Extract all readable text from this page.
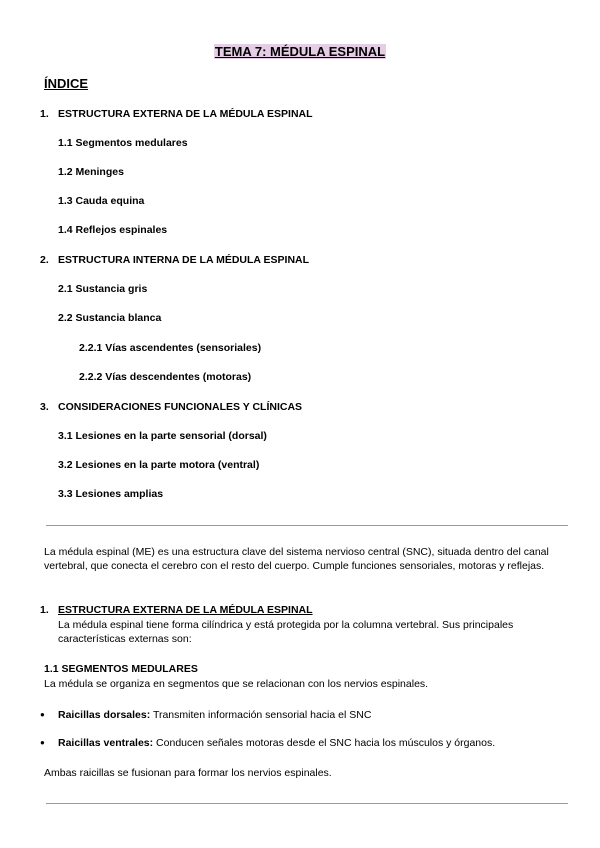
TEMA 7: MÉDULA ESPINAL
ÍNDICE
1. ESTRUCTURA EXTERNA DE LA MÉDULA ESPINAL
1.1 Segmentos medulares
1.2 Meninges
1.3 Cauda equina
1.4 Reflejos espinales
2. ESTRUCTURA INTERNA DE LA MÉDULA ESPINAL
2.1 Sustancia gris
2.2 Sustancia blanca
2.2.1 Vías ascendentes (sensoriales)
2.2.2 Vías descendentes (motoras)
3. CONSIDERACIONES FUNCIONALES Y CLÍNICAS
3.1 Lesiones en la parte sensorial (dorsal)
3.2 Lesiones en la parte motora (ventral)
3.3 Lesiones amplias
La médula espinal (ME) es una estructura clave del sistema nervioso central (SNC), situada dentro del canal vertebral, que conecta el cerebro con el resto del cuerpo. Cumple funciones sensoriales, motoras y reflejas.
1. ESTRUCTURA EXTERNA DE LA MÉDULA ESPINAL
La médula espinal tiene forma cilíndrica y está protegida por la columna vertebral. Sus principales características externas son:
1.1 SEGMENTOS MEDULARES
La médula se organiza en segmentos que se relacionan con los nervios espinales.
● Raicillas dorsales: Transmiten información sensorial hacia el SNC
● Raicillas ventrales: Conducen señales motoras desde el SNC hacia los músculos y órganos.
Ambas raicillas se fusionan para formar los nervios espinales.
